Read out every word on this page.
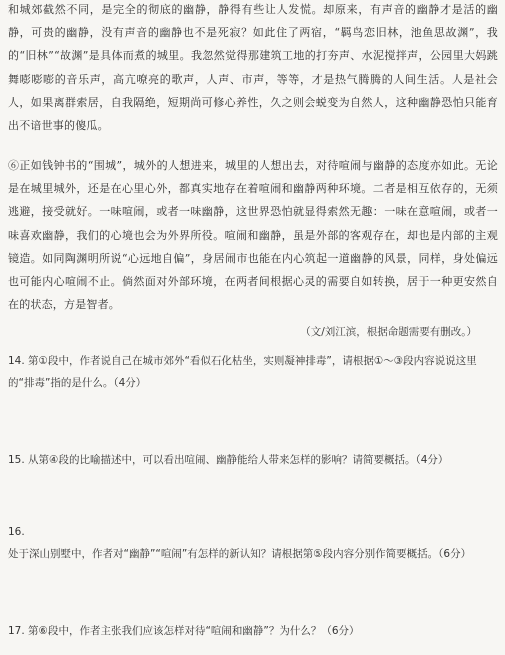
和城郊截然不同，是完全的彻底的幽静，静得有些让人发慌。却原来，有声音的幽静才是活的幽静，可贵的幽静，没有声音的幽静也不是死寂？如此住了两宿，“羁鸟恋旧林，池鱼思故渊”，我的“旧林”“故渊”是具体而煮的城里。我忽然觉得那建筑工地的打夯声、水泥搅拌声，公园里大妈跳舞嘭嘭嘭的音乐声，高亢嘹亮的歌声，人声、市声，等等，才是热气腾腾的人间生活。人是社会人，如果离群索居，自我隔绝，短期尚可修心养性，久之则会蜕变为自然人，这种幽静恐怕只能育出不谙世事的傻瓜。
⑥正如钱钟书的“围城”，城外的人想进来，城里的人想出去，对待喧闹与幽静的态度亦如此。无论是在城里城外，还是在心里心外，都真实地存在着喧闹和幽静两种环境。二者是相互依存的，无须逃避，接受就好。一味喧闹，或者一味幽静，这世界恐怕就显得索然无趣：一味在意喧闹，或者一味喜欢幽静，我们的心境也会为外界所役。喧闹和幽静，虽是外部的客观存在，却也是内部的主观镜造。如同陶渊明所说“心远地自偏”，身居闹市也能在内心筑起一道幽静的风景，同样，身处偏远也可能内心喧闹不止。倘然面对外部环境，在两者间根据心灵的需要自如转换，居于一种更安然自在的状态，方是智者。
（文/刘江滨，根据命题需要有删改。）
14. 第①段中，作者说自己在城市郊外“看似石化枯坐，实则凝神排毒”，请根据①～③段内容说说这里的“排毒”指的是什么。（4分）
15. 从第④段的比喻描述中，可以看出喧闹、幽静能给人带来怎样的影响？请简要概括。（4分）
16. 处于深山别墅中，作者对“幽静”“喧闹”有怎样的新认知？请根据第⑤段内容分别作简要概括。（6分）
17. 第⑥段中，作者主张我们应该怎样对待“喧闹和幽静”？为什么？（6分）
